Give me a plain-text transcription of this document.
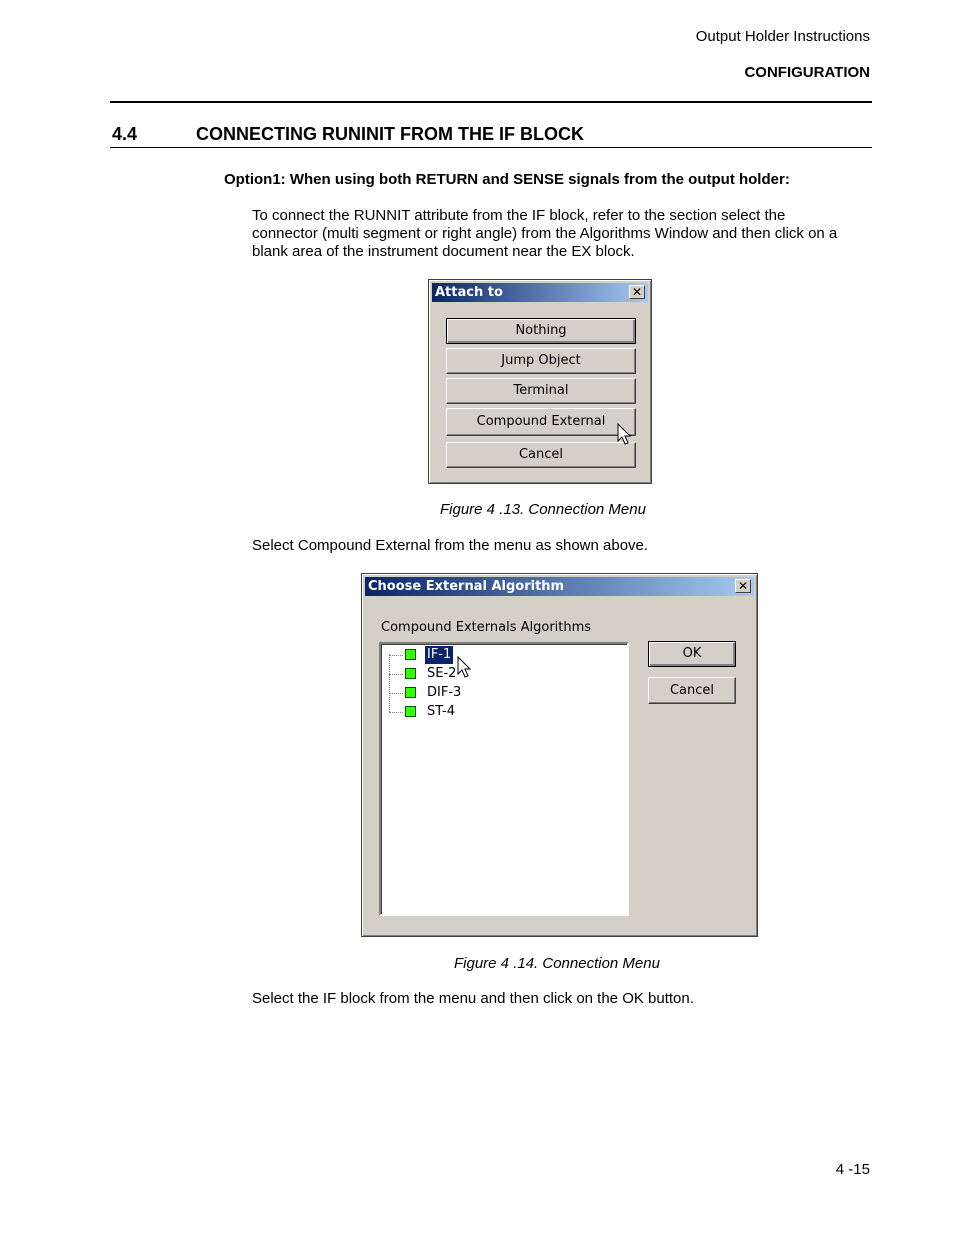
Output Holder Instructions
CONFIGURATION
4.4	CONNECTING RUNINIT FROM THE IF BLOCK
Option1: When using both RETURN and SENSE signals from the output holder:
To connect the RUNNIT attribute from the IF block, refer to the section select the
connector (multi segment or right angle) from the Algorithms Window and then click on a
blank area of the instrument document near the EX block.
Attach to	✕
Nothing
Jump Object
Terminal
Compound External
Cancel
Figure 4 .13. Connection Menu
Select Compound External from the menu as shown above.
Choose External Algorithm	✕
Compound Externals Algorithms
IF-1
SE-2
DIF-3
ST-4
OK
Cancel
Figure 4 .14. Connection Menu
Select the IF block from the menu and then click on the OK button.
4 -15
